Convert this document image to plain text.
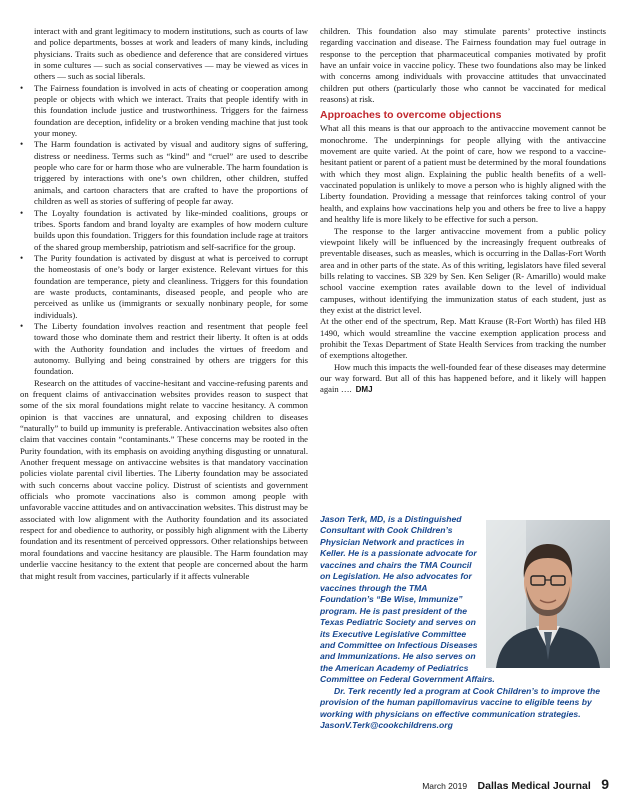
interact with and grant legitimacy to modern institutions, such as courts of law and police departments, bosses at work and leaders of many kinds, including physicians. Traits such as obedience and deference that are considered virtues in some cultures — such as social conservatives — may be viewed as vices in others — such as social liberals.

• The Fairness foundation is involved in acts of cheating or cooperation among people or objects with which we interact. Traits that people identify with in this foundation include justice and trustworthiness. Triggers for the fairness foundation are deception, infidelity or a broken vending machine that just took your money.
• The Harm foundation is activated by visual and auditory signs of suffering, distress or neediness. Terms such as “kind” and “cruel” are used to describe people who care for or harm those who are vulnerable. The harm foundation is triggered by interactions with one’s own children, other children, stuffed animals, and cartoon characters that are crafted to have the proportions of children as well as stories of suffering of people far away.
• The Loyalty foundation is activated by like-minded coalitions, groups or tribes. Sports fandom and brand loyalty are examples of how modern culture builds upon this foundation. Triggers for this foundation include rage at traitors of the shared group membership, patriotism and self-sacrifice for the group.
• The Purity foundation is activated by disgust at what is perceived to corrupt the homeostasis of one’s body or larger existence. Relevant virtues for this foundation are temperance, piety and cleanliness. Triggers for this foundation are waste products, contaminants, diseased people, and people who are perceived as unlike us (immigrants or sexually nonbinary people, for some individuals).
• The Liberty foundation involves reaction and resentment that people feel toward those who dominate them and restrict their liberty. It often is at odds with the Authority foundation and includes the virtues of freedom and autonomy. Bullying and being constrained by others are triggers for this foundation.

Research on the attitudes of vaccine-hesitant and vaccine-refusing parents and on frequent claims of antivaccination websites provides reason to suspect that some of the six moral foundations might relate to vaccine hesitancy. A common opinion is that vaccines are unnatural, and exposing children to diseases “naturally” to build up immunity is preferable. Antivaccination websites also often claim that vaccines contain “contaminants.” These concerns may be rooted in the Purity foundation, with its emphasis on avoiding anything disgusting or unnatural. Another frequent message on antivaccine websites is that mandatory vaccination policies violate parental civil liberties. The Liberty foundation may be associated with such concerns about vaccine policy. Distrust of scientists and government officials who promote vaccinations also is common among people with unfavorable vaccine attitudes and on antivaccination websites. This distrust may be associated with low alignment with the Authority foundation and its associated respect for and obedience to authority, or possibly high alignment with the Liberty foundation and its resentment of perceived oppressors. Other relationships between moral foundations and vaccine hesitancy are plausible. The Harm foundation may underlie vaccine hesitancy to the extent that people are concerned about the harm that might result from vaccines, particularly if it affects vulnerable

children. This foundation also may stimulate parents’ protective instincts regarding vaccination and disease. The Fairness foundation may fuel outrage in response to the perception that pharmaceutical companies motivated by profit have an unfair voice in vaccine policy. These two foundations also may be linked with concerns among individuals with provaccine attitudes that unvaccinated children put others (particularly those who cannot be vaccinated for medical reasons) at risk.

Approaches to overcome objections

What all this means is that our approach to the antivaccine movement cannot be monochrome. The underpinnings for people allying with the antivaccine movement are quite varied. At the point of care, how we respond to a vaccine-hesitant patient or parent of a patient must be determined by the moral foundations with which they most align. Explaining the public health benefits of a well-vaccinated population is unlikely to move a person who is highly aligned with the Liberty foundation. Providing a message that reinforces taking control of your health, and explains how vaccinations help you and others be free to live a happy and healthy life is more likely to be effective for such a person.

The response to the larger antivaccine movement from a public policy viewpoint likely will be influenced by the increasingly frequent outbreaks of preventable diseases, such as measles, which is occurring in the Dallas-Fort Worth area and in other parts of the state. As of this writing, legislators have filed several bills relating to vaccines. SB 329 by Sen. Ken Seliger (R- Amarillo) would make school vaccine exemption rates available down to the level of individual campuses, without identifying the immunization status of each student, just as they exist at the district level.

At the other end of the spectrum, Rep. Matt Krause (R-Fort Worth) has filed HB 1490, which would streamline the vaccine exemption application process and prohibit the Texas Department of State Health Services from tracking the number of exemptions altogether.

How much this impacts the well-founded fear of these diseases may determine our way forward. But all of this has happened before, and it likely will happen again …. DMJ

Jason Terk, MD, is a Distinguished Consultant with Cook Children’s Physician Network and practices in Keller. He is a passionate advocate for vaccines and chairs the TMA Council on Legislation. He also advocates for vaccines through the TMA Foundation’s “Be Wise, Immunize” program. He is past president of the Texas Pediatric Society and serves on its Executive Legislative Committee and Committee on Infectious Diseases and Immunizations. He also serves on the American Academy of Pediatrics Committee on Federal Government Affairs.

Dr. Terk recently led a program at Cook Children’s to improve the provision of the human papillomavirus vaccine to eligible teens by working with physicians on effective communication strategies. JasonV.Terk@cookchildrens.org

March 2019 Dallas Medical Journal 9
